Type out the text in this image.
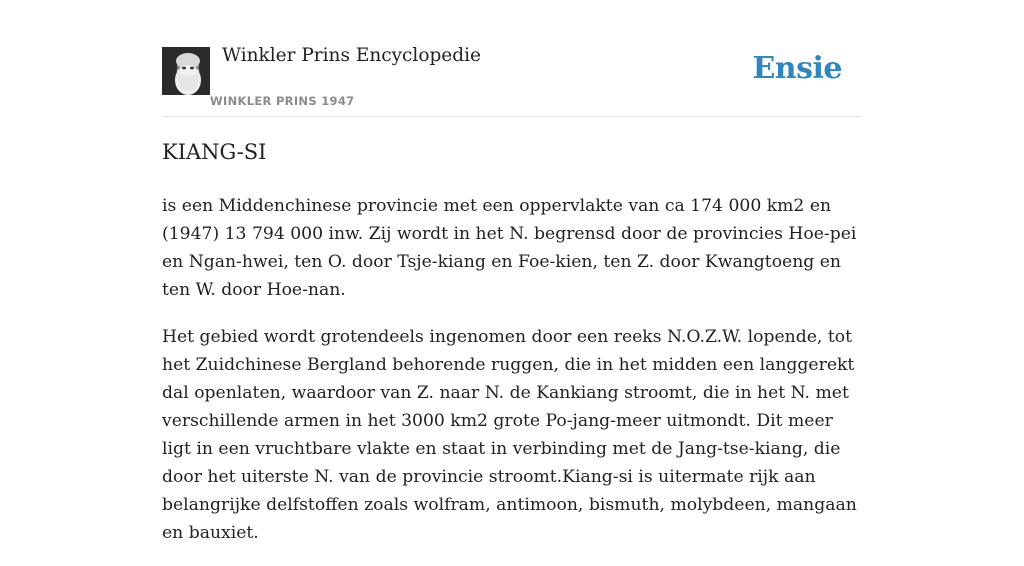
Winkler Prins Encyclopedie
WINKLER PRINS 1947
Ensie
KIANG-SI

is een Middenchinese provincie met een oppervlakte van ca 174 000 km2 en (1947) 13 794 000 inw. Zij wordt in het N. begrensd door de provincies Hoe-pei en Ngan-hwei, ten O. door Tsje-kiang en Foe-kien, ten Z. door Kwangtoeng en ten W. door Hoe-nan.

Het gebied wordt grotendeels ingenomen door een reeks N.O.Z.W. lopende, tot het Zuidchinese Bergland behorende ruggen, die in het midden een langgerekt dal openlaten, waardoor van Z. naar N. de Kankiang stroomt, die in het N. met verschillende armen in het 3000 km2 grote Po-jang-meer uitmondt. Dit meer ligt in een vruchtbare vlakte en staat in verbinding met de Jang-tse-kiang, die door het uiterste N. van de provincie stroomt.Kiang-si is uitermate rijk aan belangrijke delfstoffen zoals wolfram, antimoon, bismuth, molybdeen, mangaan en bauxiet.
